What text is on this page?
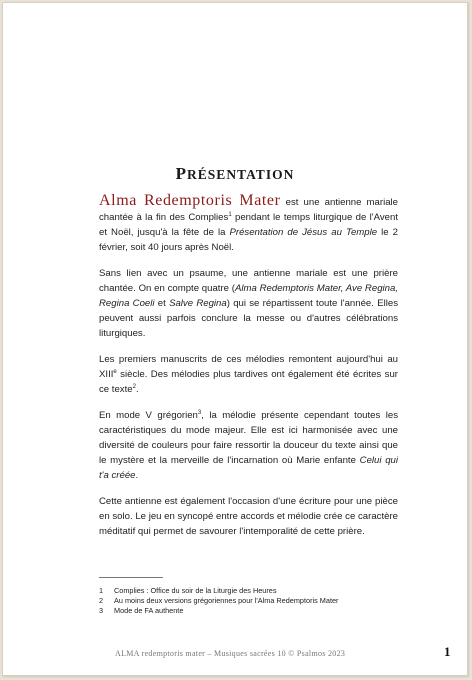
PRÉSENTATION

Alma Redemptoris Mater est une antienne mariale chantée à la fin des Complies$^1$ pendant le temps liturgique de l'Avent et Noël, jusqu'à la fête de la Présentation de Jésus au Temple le 2 février, soit 40 jours après Noël.

Sans lien avec un psaume, une antienne mariale est une prière chantée. On en compte quatre (Alma Redemptoris Mater, Ave Regina, Regina Coeli et Salve Regina) qui se répartissent toute l'année. Elles peuvent aussi parfois conclure la messe ou d'autres célébrations liturgiques.

Les premiers manuscrits de ces mélodies remontent aujourd'hui au XIIIe siècle. Des mélodies plus tardives ont également été écrites sur ce texte$^2$.

En mode V grégorien$^3$, la mélodie présente cependant toutes les caractéristiques du mode majeur. Elle est ici harmonisée avec une diversité de couleurs pour faire ressortir la douceur du texte ainsi que le mystère et la merveille de l'incarnation où Marie enfante Celui qui t'a créée.

Cette antienne est également l'occasion d'une écriture pour une pièce en solo. Le jeu en syncopé entre accords et mélodie crée ce caractère méditatif qui permet de savourer l'intemporalité de cette prière.

1	Complies : Office du soir de la Liturgie des Heures
2	Au moins deux versions grégoriennes pour l'Alma Redemptoris Mater
3	Mode de FA authente
ALMA redemptoris mater – Musiques sacrées 10 © Psalmos 2023	1
